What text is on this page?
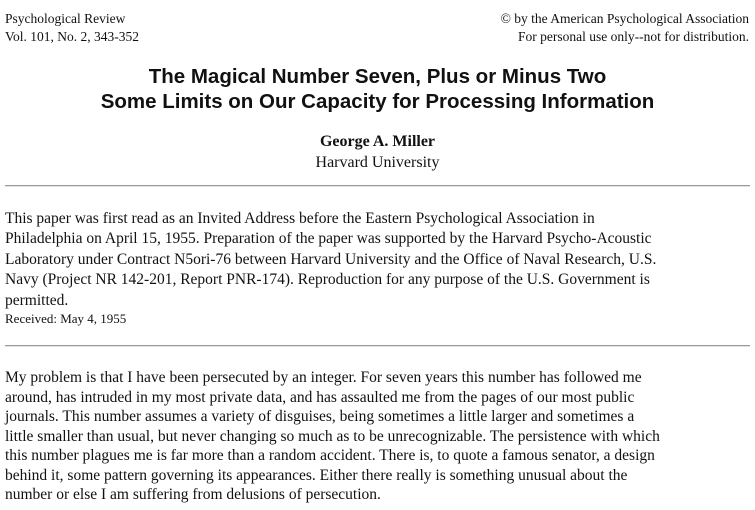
Psychological Review
Vol. 101, No. 2, 343-352
© by the American Psychological Association
For personal use only--not for distribution.
The Magical Number Seven, Plus or Minus Two
Some Limits on Our Capacity for Processing Information
George A. Miller
Harvard University
This paper was first read as an Invited Address before the Eastern Psychological Association in
Philadelphia on April 15, 1955. Preparation of the paper was supported by the Harvard Psycho-Acoustic
Laboratory under Contract N5ori-76 between Harvard University and the Office of Naval Research, U.S.
Navy (Project NR 142-201, Report PNR-174). Reproduction for any purpose of the U.S. Government is
permitted.
Received: May 4, 1955
My problem is that I have been persecuted by an integer. For seven years this number has followed me
around, has intruded in my most private data, and has assaulted me from the pages of our most public
journals. This number assumes a variety of disguises, being sometimes a little larger and sometimes a
little smaller than usual, but never changing so much as to be unrecognizable. The persistence with which
this number plagues me is far more than a random accident. There is, to quote a famous senator, a design
behind it, some pattern governing its appearances. Either there really is something unusual about the
number or else I am suffering from delusions of persecution.
